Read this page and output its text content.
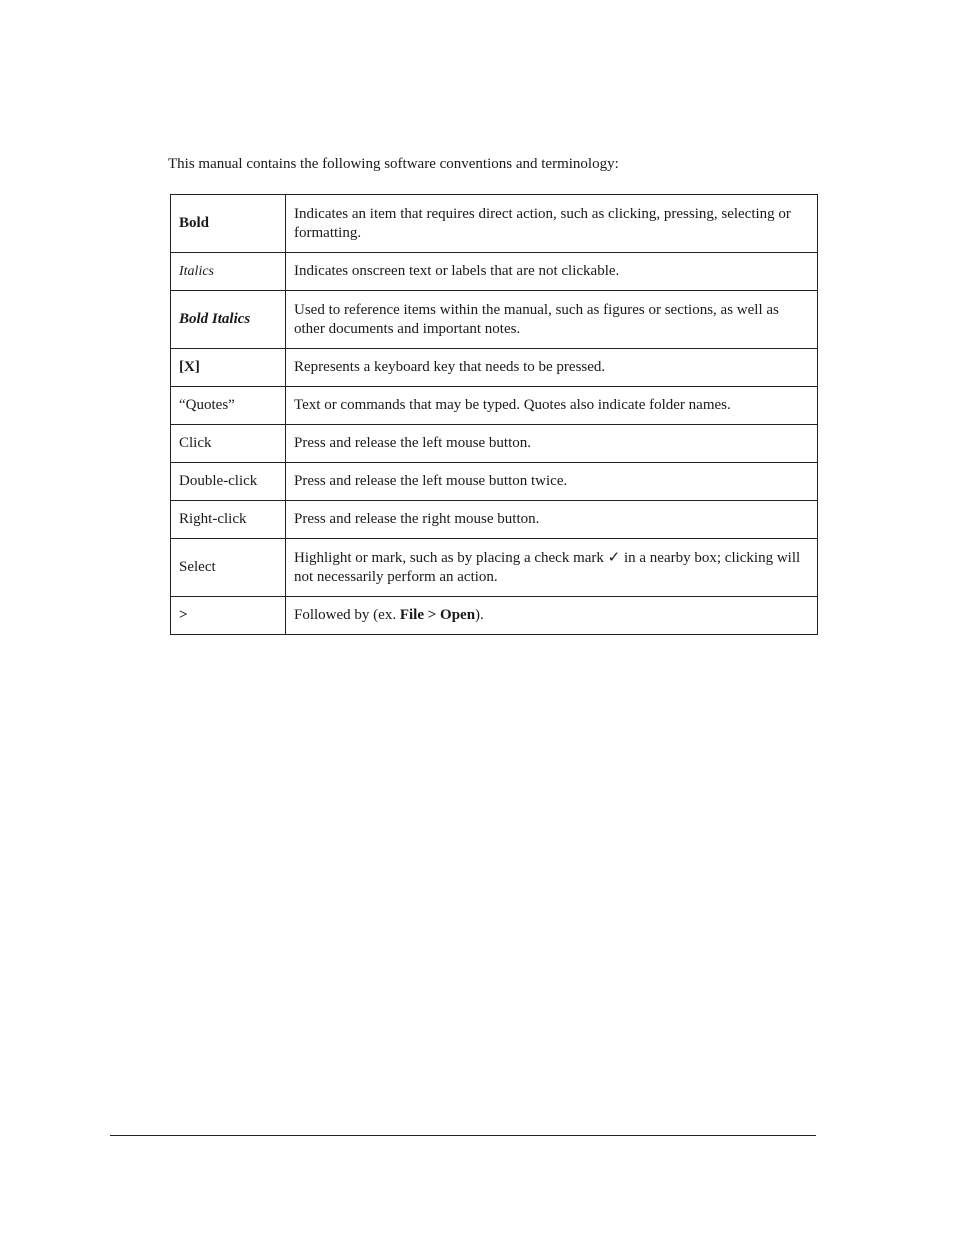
This manual contains the following software conventions and terminology:

Bold	Indicates an item that requires direct action, such as clicking, pressing, selecting or formatting.
Italics	Indicates onscreen text or labels that are not clickable.
Bold Italics	Used to reference items within the manual, such as figures or sections, as well as other documents and important notes.
[X]	Represents a keyboard key that needs to be pressed.
“Quotes”	Text or commands that may be typed. Quotes also indicate folder names.
Click	Press and release the left mouse button.
Double-click	Press and release the left mouse button twice.
Right-click	Press and release the right mouse button.
Select	Highlight or mark, such as by placing a check mark ✓ in a nearby box; clicking will not necessarily perform an action.
>	Followed by (ex. File > Open).
